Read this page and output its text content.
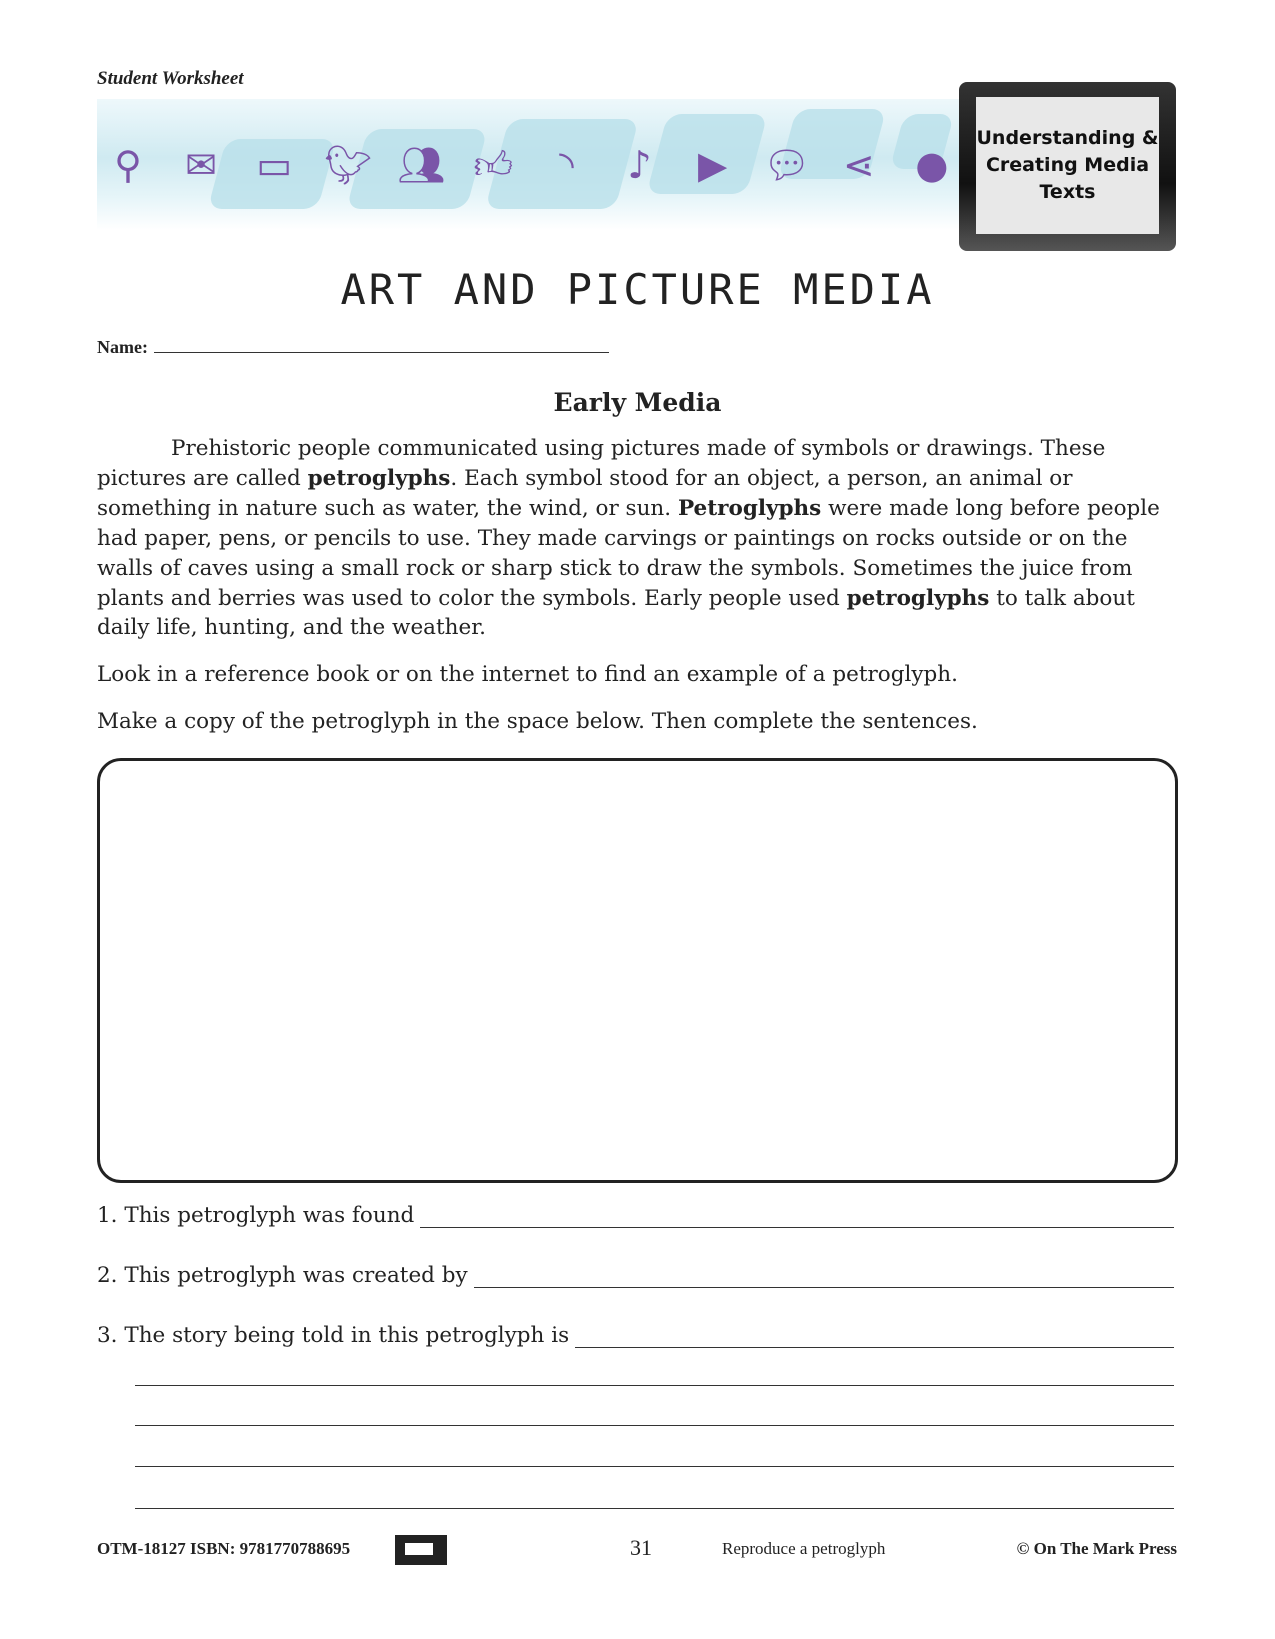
Student Worksheet
⚲ ✉ ▭ 🐦︎ 👥︎ 👍︎	◝	♪ ▶ 💬︎ ⋖ ●
Understanding & Creating Media Texts
ART AND PICTURE MEDIA
Name:
Early Media

Prehistoric people communicated using pictures made of symbols or drawings. These pictures are called petroglyphs. Each symbol stood for an object, a person, an animal or something in nature such as water, the wind, or sun. Petroglyphs were made long before people had paper, pens, or pencils to use. They made carvings or paintings on rocks outside or on the walls of caves using a small rock or sharp stick to draw the symbols. Sometimes the juice from plants and berries was used to color the symbols. Early people used petroglyphs to talk about daily life, hunting, and the weather.

Look in a reference book or on the internet to find an example of a petroglyph.
Make a copy of the petroglyph in the space below. Then complete the sentences.
1. This petroglyph was found
2. This petroglyph was created by
3. The story being told in this petroglyph is
OTM-18127 ISBN: 9781770788695	31	Reproduce a petroglyph	© On The Mark Press
